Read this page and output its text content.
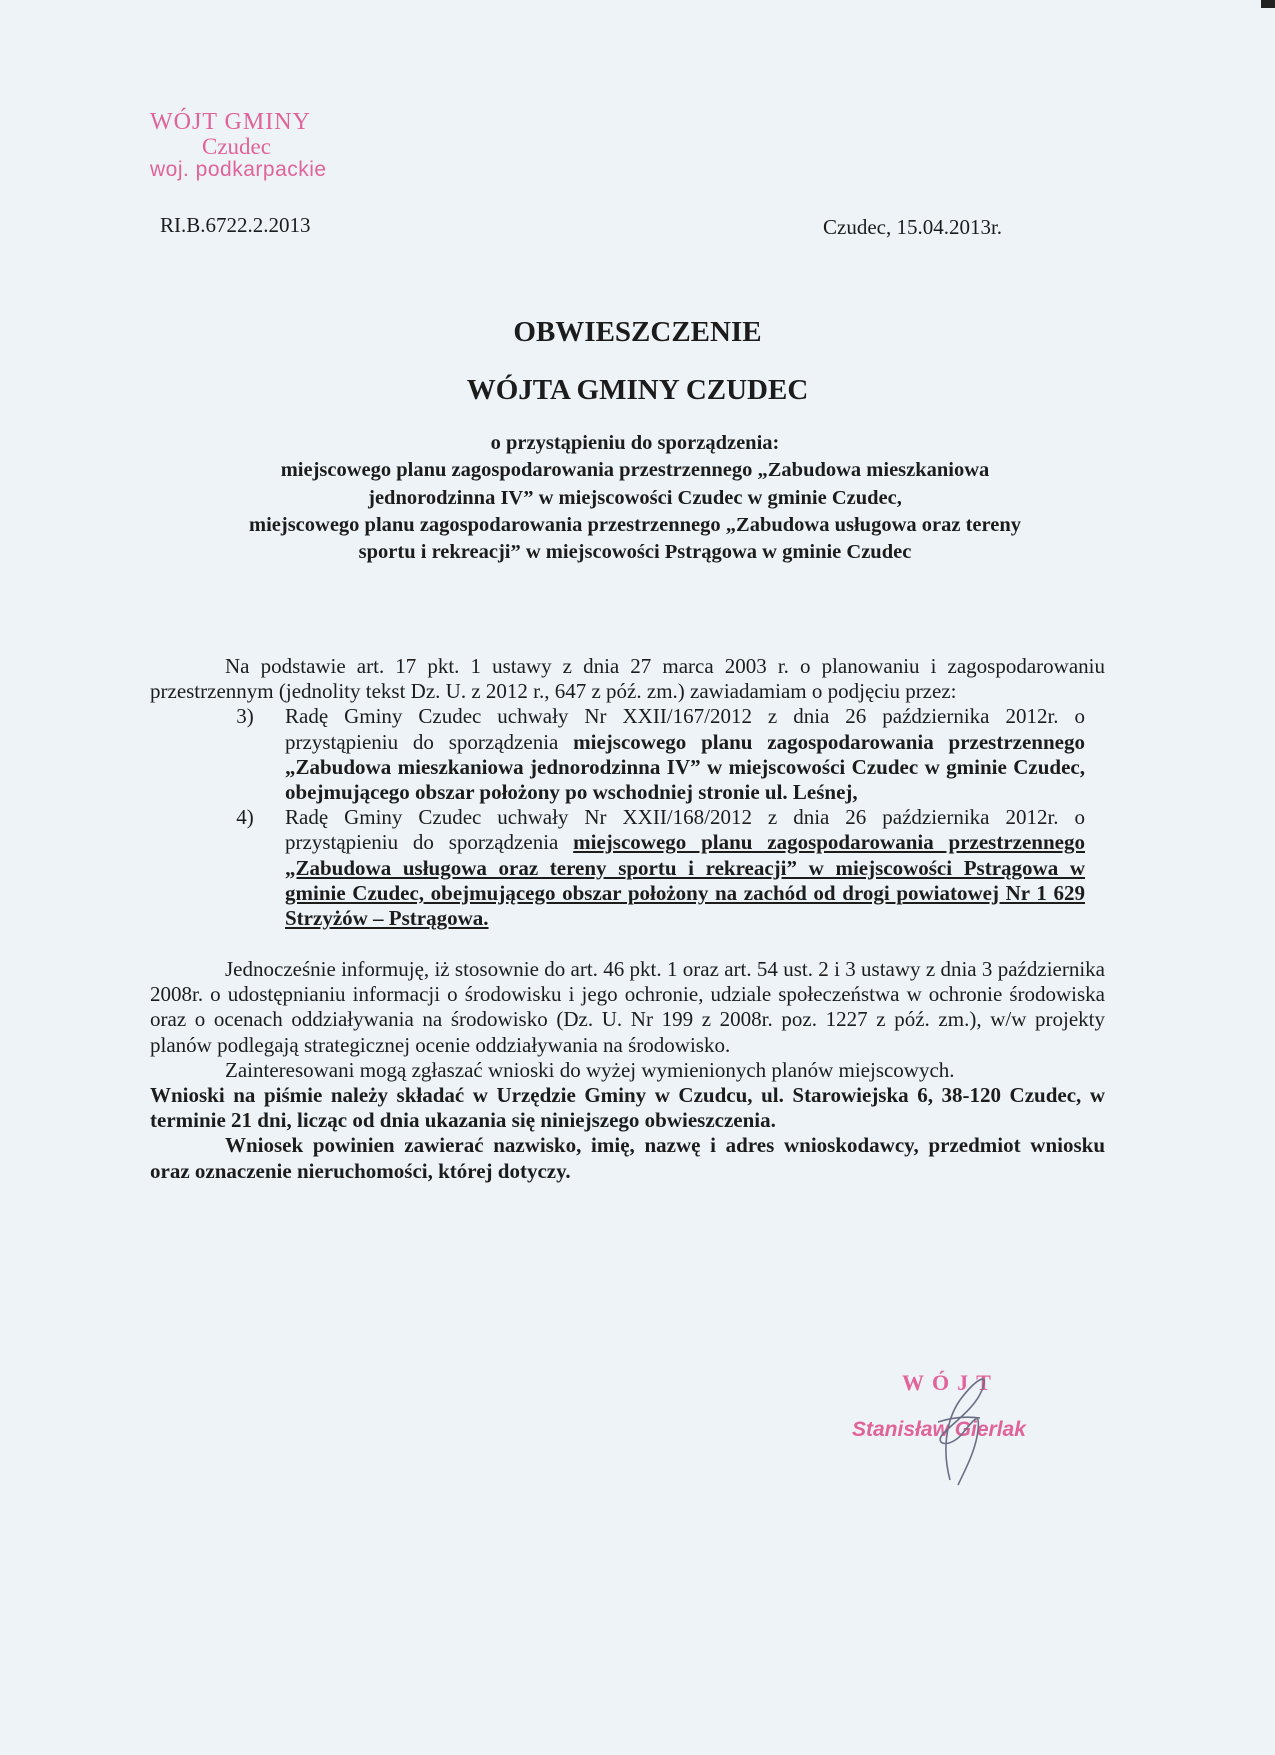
WÓJT GMINY
Czudec
woj. podkarpackie
RI.B.6722.2.2013	Czudec, 15.04.2013r.
OBWIESZCZENIE
WÓJTA GMINY CZUDEC
o przystąpieniu do sporządzenia:
miejscowego planu zagospodarowania przestrzennego „Zabudowa mieszkaniowa
jednorodzinna IV” w miejscowości Czudec w gminie Czudec,
miejscowego planu zagospodarowania przestrzennego „Zabudowa usługowa oraz tereny
sportu i rekreacji” w miejscowości Pstrągowa w gminie Czudec
Na podstawie art. 17 pkt. 1 ustawy z dnia 27 marca 2003 r. o planowaniu i zagospodarowaniu przestrzennym (jednolity tekst Dz. U. z 2012 r., 647 z póź. zm.) zawiadamiam o podjęciu przez:
3)	Radę Gminy Czudec uchwały Nr XXII/167/2012 z dnia 26 października 2012r. o przystąpieniu do sporządzenia miejscowego planu zagospodarowania przestrzennego „Zabudowa mieszkaniowa jednorodzinna IV” w miejscowości Czudec w gminie Czudec, obejmującego obszar położony po wschodniej stronie ul. Leśnej,
4)	Radę Gminy Czudec uchwały Nr XXII/168/2012 z dnia 26 października 2012r. o przystąpieniu do sporządzenia miejscowego planu zagospodarowania przestrzennego „Zabudowa usługowa oraz tereny sportu i rekreacji” w miejscowości Pstrągowa w gminie Czudec, obejmującego obszar położony na zachód od drogi powiatowej Nr 1 629 Strzyżów – Pstrągowa.
Jednocześnie informuję, iż stosownie do art. 46 pkt. 1 oraz art. 54 ust. 2 i 3 ustawy z dnia 3 października 2008r. o udostępnianiu informacji o środowisku i jego ochronie, udziale społeczeństwa w ochronie środowiska oraz o ocenach oddziaływania na środowisko (Dz. U. Nr 199 z 2008r. poz. 1227 z póź. zm.), w/w projekty planów podlegają strategicznej ocenie oddziaływania na środowisko.
Zainteresowani mogą zgłaszać wnioski do wyżej wymienionych planów miejscowych.
Wnioski na piśmie należy składać w Urzędzie Gminy w Czudcu, ul. Starowiejska 6, 38-120 Czudec, w terminie 21 dni, licząc od dnia ukazania się niniejszego obwieszczenia.
Wniosek powinien zawierać nazwisko, imię, nazwę i adres wnioskodawcy, przedmiot wniosku oraz oznaczenie nieruchomości, której dotyczy.
WÓJT
Stanisław Gierlak
